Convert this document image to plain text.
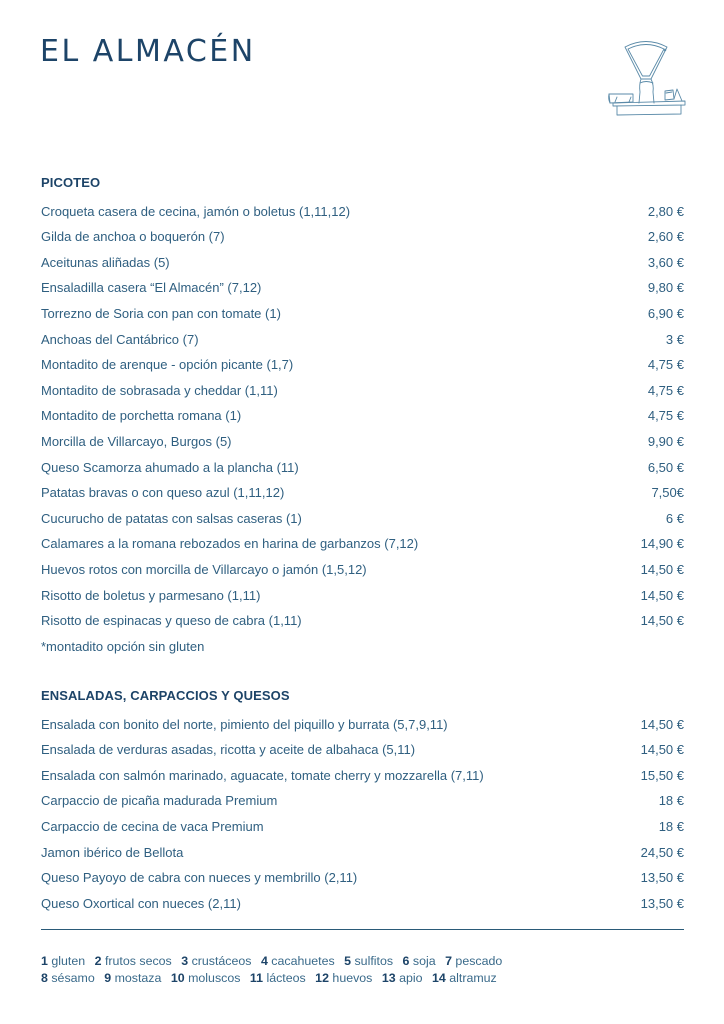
EL ALMACÉN
PICOTEO
Croqueta casera de cecina, jamón o boletus (1,11,12)	2,80 €
Gilda de anchoa o boquerón (7)	2,60 €
Aceitunas aliñadas (5)	3,60 €
Ensaladilla casera “El Almacén” (7,12)	9,80 €
Torrezno de Soria con pan con tomate (1)	6,90 €
Anchoas del Cantábrico (7)	3 €
Montadito de arenque - opción picante (1,7)	4,75 €
Montadito de sobrasada y cheddar (1,11)	4,75 €
Montadito de porchetta romana (1)	4,75 €
Morcilla de Villarcayo, Burgos (5)	9,90 €
Queso Scamorza ahumado a la plancha (11)	6,50 €
Patatas bravas o con queso azul (1,11,12)	7,50€
Cucurucho de patatas con salsas caseras (1)	6 €
Calamares a la romana rebozados en harina de garbanzos (7,12)	14,90 €
Huevos rotos con morcilla de Villarcayo o jamón (1,5,12)	14,50 €
Risotto de boletus y parmesano (1,11)	14,50 €
Risotto de espinacas y queso de cabra (1,11)	14,50 €
*montadito opción sin gluten
ENSALADAS, CARPACCIOS Y QUESOS
Ensalada con bonito del norte, pimiento del piquillo y burrata (5,7,9,11)	14,50 €
Ensalada de verduras asadas, ricotta y aceite de albahaca (5,11)	14,50 €
Ensalada con salmón marinado, aguacate, tomate cherry y mozzarella (7,11)	15,50 €
Carpaccio de picaña madurada Premium	18 €
Carpaccio de cecina de vaca Premium	18 €
Jamon ibérico de Bellota	24,50 €
Queso Payoyo de cabra con nueces y membrillo (2,11)	13,50 €
Queso Oxortical con nueces (2,11)	13,50 €
1 gluten 2 frutos secos 3 crustáceos 4 cacahuetes 5 sulfitos 6 soja 7 pescado
8 sésamo 9 mostaza 10 moluscos 11 lácteos 12 huevos 13 apio 14 altramuz
